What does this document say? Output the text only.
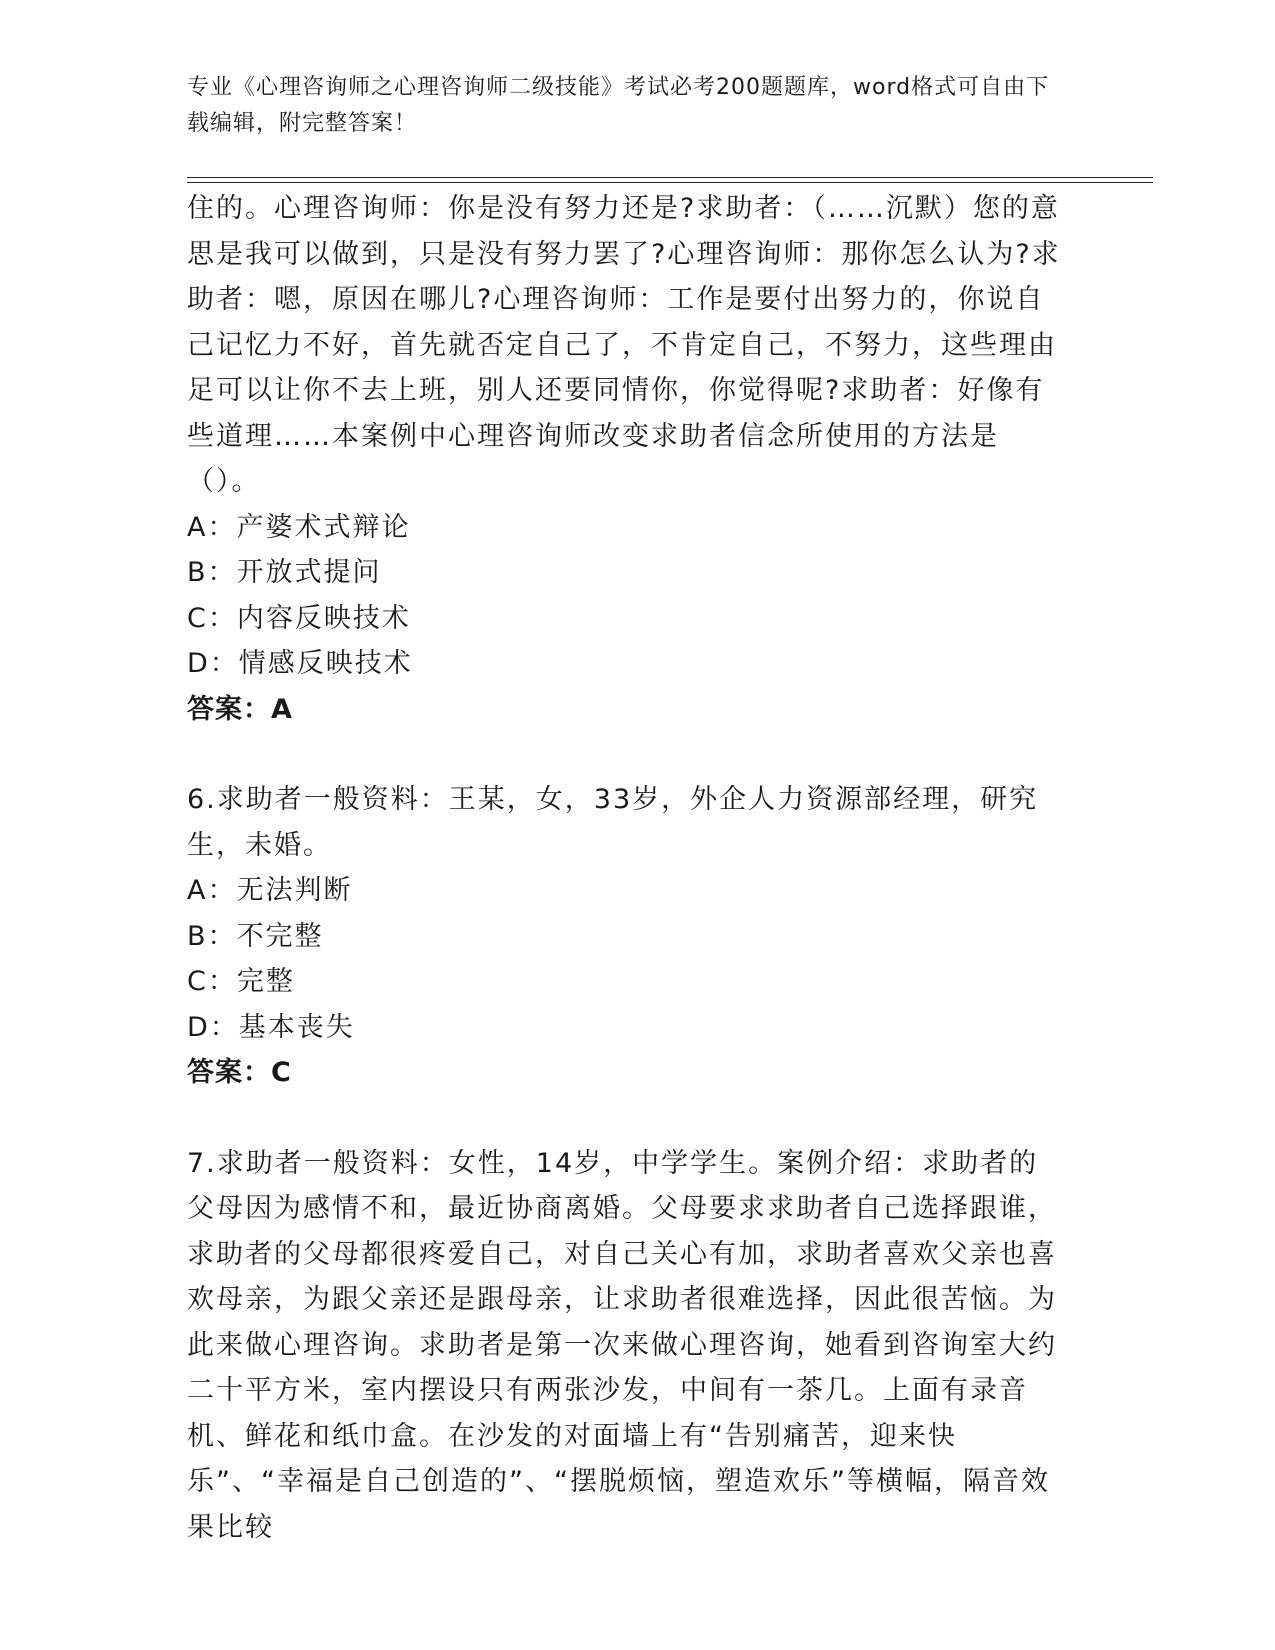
专业《心理咨询师之心理咨询师二级技能》考试必考200题题库，word格式可自由下载编辑，附完整答案！

住的。心理咨询师：你是没有努力还是?求助者：（……沉默）您的意思是我可以做到，只是没有努力罢了?心理咨询师：那你怎么认为?求助者：嗯，原因在哪儿?心理咨询师：工作是要付出努力的，你说自己记忆力不好，首先就否定自己了，不肯定自己，不努力，这些理由足可以让你不去上班，别人还要同情你，你觉得呢?求助者：好像有些道理……本案例中心理咨询师改变求助者信念所使用的方法是（）。

A：产婆术式辩论

B：开放式提问

C：内容反映技术

D：情感反映技术

答案：A

6.求助者一般资料：王某，女，33岁，外企人力资源部经理，研究生，未婚。

A：无法判断

B：不完整

C：完整

D：基本丧失

答案：C

7.求助者一般资料：女性，14岁，中学学生。案例介绍：求助者的父母因为感情不和，最近协商离婚。父母要求求助者自己选择跟谁，求助者的父母都很疼爱自己，对自己关心有加，求助者喜欢父亲也喜欢母亲，为跟父亲还是跟母亲，让求助者很难选择，因此很苦恼。为此来做心理咨询。求助者是第一次来做心理咨询，她看到咨询室大约二十平方米，室内摆设只有两张沙发，中间有一茶几。上面有录音机、鲜花和纸巾盒。在沙发的对面墙上有“告别痛苦，迎来快乐”、“幸福是自己创造的”、“摆脱烦恼，塑造欢乐”等横幅，隔音效果比较
